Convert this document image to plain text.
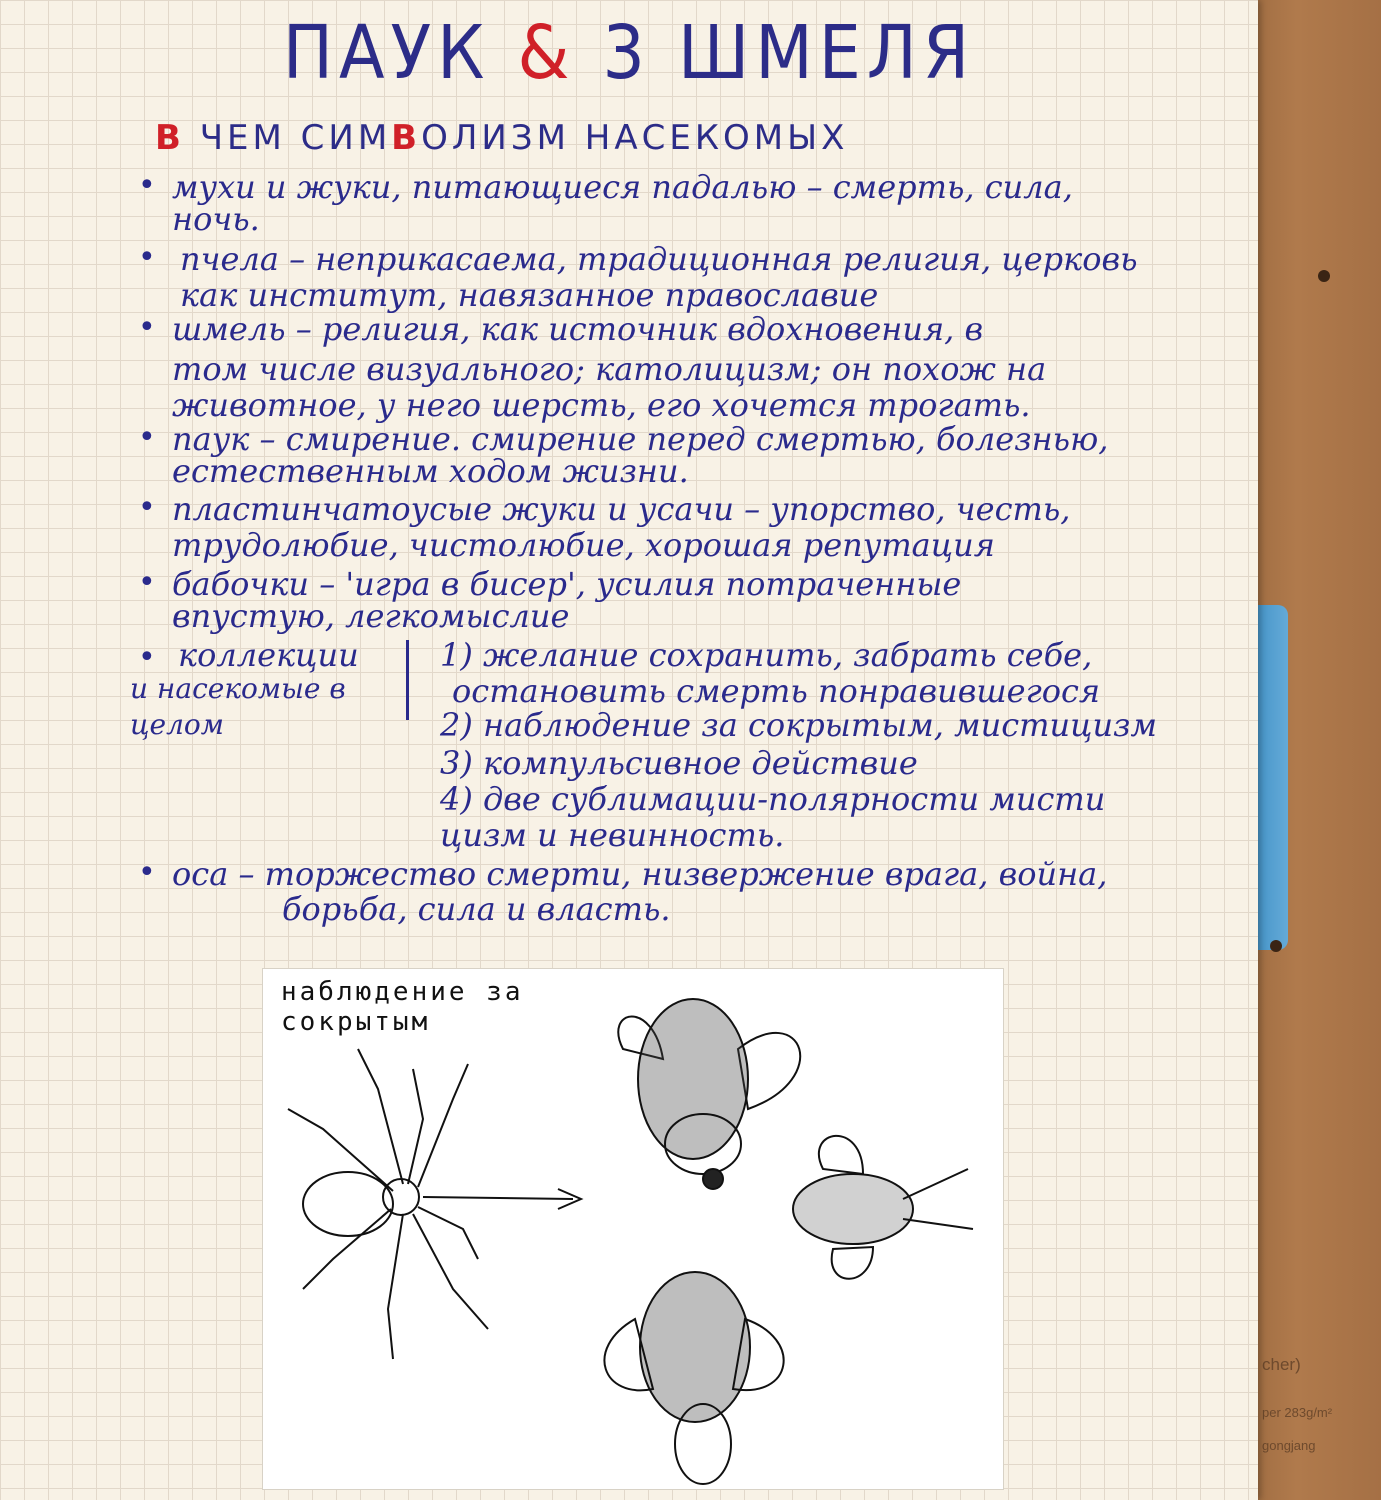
cher)
per 283g/m²
gongjang
ПАУК & 3 ШМЕЛЯ
В ЧЕМ СИМВОЛИЗМ НАСЕКОМЫХ
•
•
•
•
•
•
•
•
мухи и жуки, питающиеся падалью – смерть, сила,
ночь.
пчела – неприкасаема, традиционная религия, церковь
как институт, навязанное православие
шмель – религия, как источник вдохновения, в
том числе визуального; католицизм; он похож на
животное, у него шерсть, его хочется трогать.
паук – смирение. смирение перед смертью, болезнью,
естественным ходом жизни.
пластинчатоусые жуки и усачи – упорство, честь,
трудолюбие, чистолюбие, хорошая репутация
бабочки – 'игра в бисер', усилия потраченные
впустую, легкомыслие
коллекции
и насекомые в
целом
1) желание сохранить, забрать себе,
остановить смерть понравившегося
2) наблюдение за сокрытым, мистицизм
3) компульсивное действие
4) две сублимации-полярности мисти
цизм и невинность.
оса – торжество смерти, низвержение врага, война,
борьба, сила и власть.
наблюдение за
сокрытым
